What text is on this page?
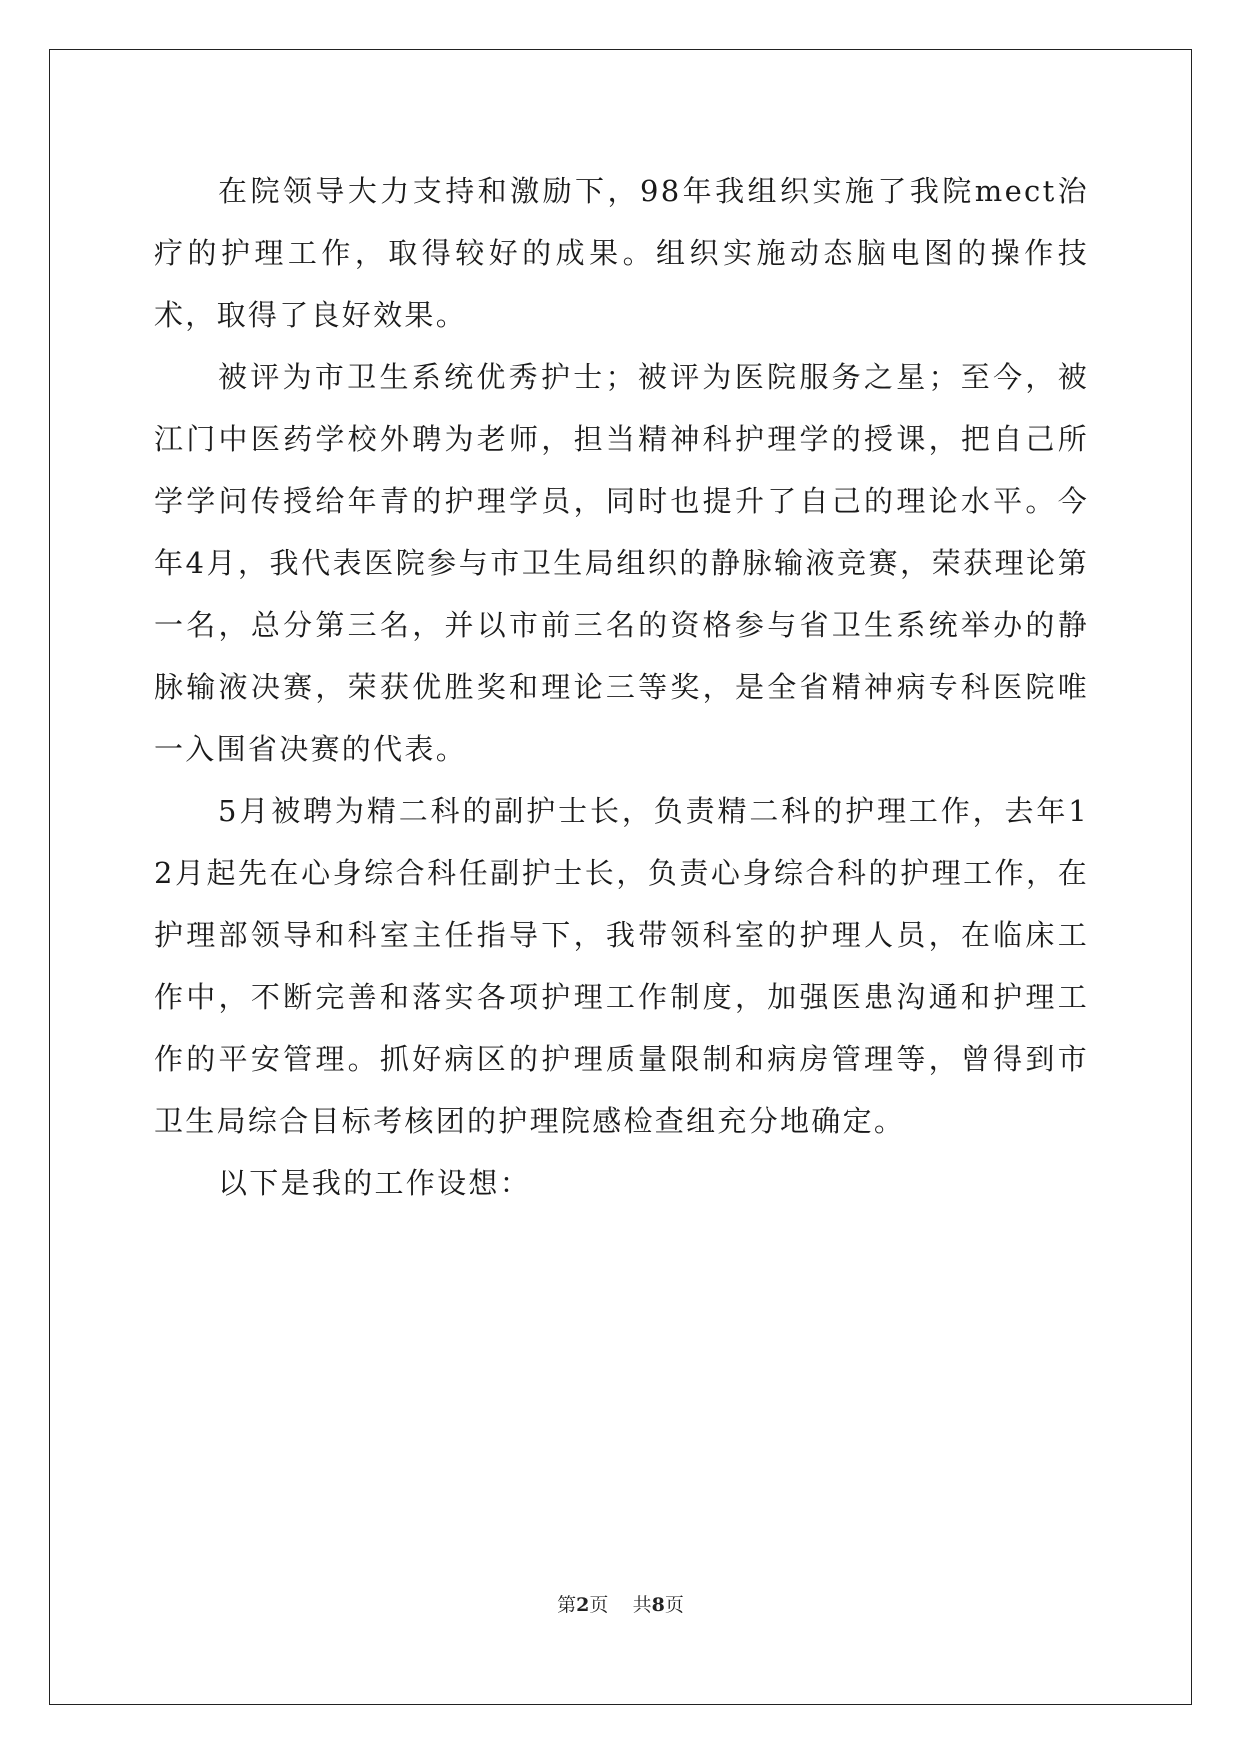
在院领导大力支持和激励下，98年我组织实施了我院mect治疗的护理工作，取得较好的成果。组织实施动态脑电图的操作技术，取得了良好效果。

被评为市卫生系统优秀护士；被评为医院服务之星；至今，被江门中医药学校外聘为老师，担当精神科护理学的授课，把自己所学学问传授给年青的护理学员，同时也提升了自己的理论水平。今年4月，我代表医院参与市卫生局组织的静脉输液竞赛，荣获理论第一名，总分第三名，并以市前三名的资格参与省卫生系统举办的静脉输液决赛，荣获优胜奖和理论三等奖，是全省精神病专科医院唯一入围省决赛的代表。

5月被聘为精二科的副护士长，负责精二科的护理工作，去年12月起先在心身综合科任副护士长，负责心身综合科的护理工作，在护理部领导和科室主任指导下，我带领科室的护理人员，在临床工作中，不断完善和落实各项护理工作制度，加强医患沟通和护理工作的平安管理。抓好病区的护理质量限制和病房管理等，曾得到市卫生局综合目标考核团的护理院感检查组充分地确定。

以下是我的工作设想：

第2页 共8页
